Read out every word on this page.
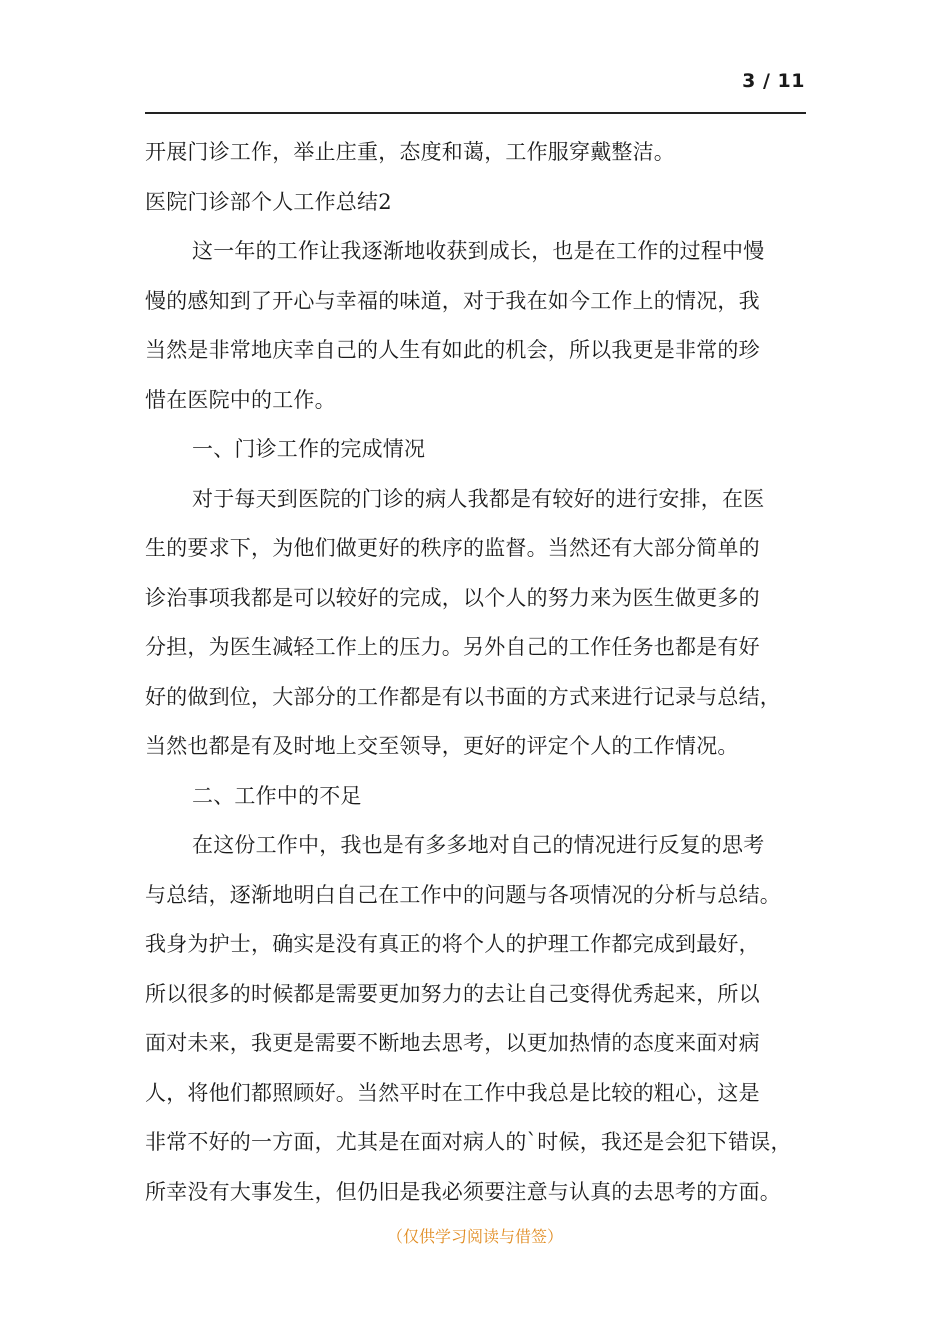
3 / 11
开展门诊工作，举止庄重，态度和蔼，工作服穿戴整洁。
医院门诊部个人工作总结2
这一年的工作让我逐渐地收获到成长，也是在工作的过程中慢
慢的感知到了开心与幸福的味道，对于我在如今工作上的情况，我
当然是非常地庆幸自己的人生有如此的机会，所以我更是非常的珍
惜在医院中的工作。
一、门诊工作的完成情况
对于每天到医院的门诊的病人我都是有较好的进行安排，在医
生的要求下，为他们做更好的秩序的监督。当然还有大部分简单的
诊治事项我都是可以较好的完成，以个人的努力来为医生做更多的
分担，为医生减轻工作上的压力。另外自己的工作任务也都是有好
好的做到位，大部分的工作都是有以书面的方式来进行记录与总结，
当然也都是有及时地上交至领导，更好的评定个人的工作情况。
二、工作中的不足
在这份工作中，我也是有多多地对自己的情况进行反复的思考
与总结，逐渐地明白自己在工作中的问题与各项情况的分析与总结。
我身为护士，确实是没有真正的将个人的护理工作都完成到最好，
所以很多的时候都是需要更加努力的去让自己变得优秀起来，所以
面对未来，我更是需要不断地去思考，以更加热情的态度来面对病
人，将他们都照顾好。当然平时在工作中我总是比较的粗心，这是
非常不好的一方面，尤其是在面对病人的`时候，我还是会犯下错误，
所幸没有大事发生，但仍旧是我必须要注意与认真的去思考的方面。
（仅供学习阅读与借签）
